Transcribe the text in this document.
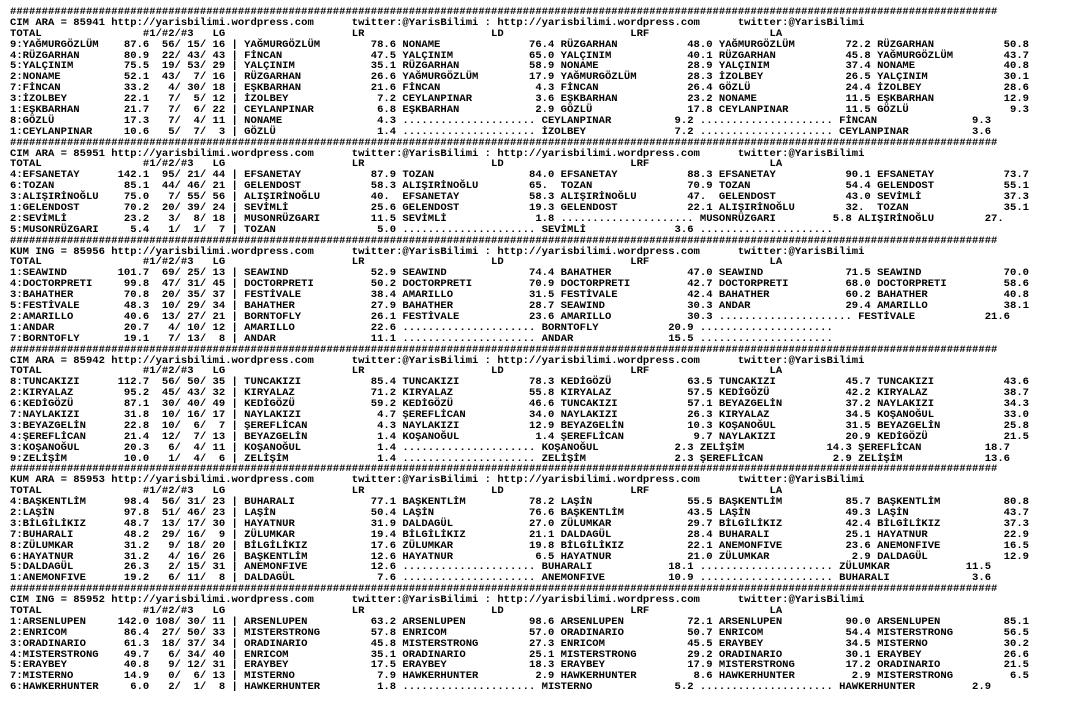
############################################################################################################################################################
CIM ARA = 85941 http://yarisbilimi.wordpress.com      twitter:@YarisBilimi : http://yarisbilimi.wordpress.com      twitter:@YarisBilimi
TOTAL                #1/#2/#3   LG                    LR                    LD                    LRF                   LA
9:YAĞMURGÖZLÜM    87.6  56/ 15/ 16 | YAĞMURGÖZLÜM        78.6 NONAME              76.4 RÜZGARHAN           48.0 YAĞMURGÖZLÜM        72.2 RÜZGARHAN           50.8
4:RÜZGARHAN       80.9  22/ 43/ 43 | FİNCAN              47.5 YALÇINIM            65.0 YALÇINIM            40.1 RÜZGARHAN           45.8 YAĞMURGÖZLÜM        43.7
5:YALÇINIM        75.5  19/ 53/ 29 | YALÇINIM            35.1 RÜZGARHAN           58.9 NONAME              28.9 YALÇINIM            37.4 NONAME              40.8
2:NONAME          52.1  43/  7/ 16 | RÜZGARHAN           26.6 YAĞMURGÖZLÜM        17.9 YAĞMURGÖZLÜM        28.3 İZOLBEY             26.5 YALÇINIM            30.1
7:FİNCAN          33.2   4/ 30/ 18 | EŞKBARHAN           21.6 FİNCAN               4.3 FİNCAN              26.4 GÖZLÜ               24.4 İZOLBEY             28.6
3:İZOLBEY         22.1   7/  5/ 12 | İZOLBEY              7.2 CEYLANPINAR          3.6 EŞKBARHAN           23.2 NONAME              11.5 EŞKBARHAN           12.9
1:EŞKBARHAN       21.7   7/  6/ 22 | CEYLANPINAR          6.8 EŞKBARHAN            2.9 GÖZLÜ               17.8 CEYLANPINAR         11.5 GÖZLÜ                9.3
8:GÖZLÜ           17.3   7/  4/ 11 | NONAME               4.3 ..................... CEYLANPINAR          9.2 ..................... FİNCAN               9.3
1:CEYLANPINAR     10.6   5/  7/  3 | GÖZLÜ                1.4 ..................... İZOLBEY              7.2 ..................... CEYLANPINAR          3.6
############################################################################################################################################################
CIM ARA = 85951 http://yarisbilimi.wordpress.com      twitter:@YarisBilimi : http://yarisbilimi.wordpress.com      twitter:@YarisBilimi
TOTAL                #1/#2/#3   LG                    LR                    LD                    LRF                   LA
4:EFSANETAY      142.1  95/ 21/ 44 | EFSANETAY           87.9 TOZAN               84.0 EFSANETAY           88.3 EFSANETAY           90.1 EFSANETAY           73.7
6:TOZAN           85.1  44/ 46/ 21 | GELENDOST           58.3 ALIŞIRİNOĞLU        65.  TOZAN               70.9 TOZAN               54.4 GELENDOST           55.1
3:ALIŞIRİNOĞLU    75.0   7/ 55/ 56 | ALIŞIRİNOĞLU        40.  EFSANETAY           58.3 ALIŞIRİNOĞLU        47.  GELENDOST           43.0 SEVİMLİ             37.3
1:GELENDOST       70.2  20/ 39/ 24 | SEVİMLİ             25.6 GELENDOST           19.3 GELENDOST           22.1 ALIŞIRİNOĞLU        32.  TOZAN               35.1
2:SEVİMLİ         23.2   3/  8/ 18 | MUSONRÜZGARI        11.5 SEVİMLİ              1.8 ..................... MUSONRÜZGARI         5.8 ALIŞIRİNOĞLU        27.
5:MUSONRÜZGARI     5.4   1/  1/  7 | TOZAN                5.0 ..................... SEVİMLİ              3.6 .....................
############################################################################################################################################################
KUM ING = 85956 http://yarisbilimi.wordpress.com      twitter:@YarisBilimi : http://yarisbilimi.wordpress.com      twitter:@YarisBilimi
TOTAL                #1/#2/#3   LG                    LR                    LD                    LRF                   LA
1:SEAWIND        101.7  69/ 25/ 13 | SEAWIND             52.9 SEAWIND             74.4 BAHATHER            47.0 SEAWIND             71.5 SEAWIND             70.0
4:DOCTORPRETI     99.8  47/ 31/ 45 | DOCTORPRETI         50.2 DOCTORPRETI         70.9 DOCTORPRETI         42.7 DOCTORPRETI         68.0 DOCTORPRETI         58.6
3:BAHATHER        70.8  20/ 35/ 37 | FESTİVALE           38.4 AMARILLO            31.5 FESTİVALE           42.4 BAHATHER            60.2 BAHATHER            40.8
5:FESTİVALE       48.3  10/ 29/ 34 | BAHATHER            27.9 BAHATHER            28.7 SEAWIND             30.3 ANDAR               29.4 AMARILLO            38.1
2:AMARILLO        40.6  13/ 27/ 21 | BORNTOFLY           26.1 FESTİVALE           23.6 AMARILLO            30.3 ..................... FESTİVALE           21.6
1:ANDAR           20.7   4/ 10/ 12 | AMARILLO            22.6 ..................... BORNTOFLY           20.9 .....................
7:BORNTOFLY       19.1   7/ 13/  8 | ANDAR               11.1 ..................... ANDAR               15.5 .....................
############################################################################################################################################################
CIM ARA = 85942 http://yarisbilimi.wordpress.com      twitter:@YarisBilimi : http://yarisbilimi.wordpress.com      twitter:@YarisBilimi
TOTAL                #1/#2/#3   LG                    LR                    LD                    LRF                   LA
8:TUNCAKIZI      112.7  56/ 50/ 35 | TUNCAKIZI           85.4 TUNCAKIZI           78.3 KEDİGÖZÜ            63.5 TUNCAKIZI           45.7 TUNCAKIZI           43.6
2:KIRYALAZ        95.2  45/ 43/ 32 | KIRYALAZ            71.2 KIRYALAZ            55.8 KIRYALAZ            57.5 KEDİGÖZÜ            42.2 KIRYALAZ            38.7
6:KEDİGÖZÜ        87.1  30/ 40/ 49 | KEDİGÖZÜ            59.2 KEDİGÖZÜ            46.6 TUNCAKIZI           57.1 BEYAZGELİN          37.2 NAYLAKIZI           34.3
7:NAYLAKIZI       31.8  10/ 16/ 17 | NAYLAKIZI            4.7 ŞEREFLİCAN          34.0 NAYLAKIZI           26.3 KIRYALAZ            34.5 KOŞANOĞUL           33.0
3:BEYAZGELİN      22.8  10/  6/  7 | ŞEREFLİCAN           4.3 NAYLAKIZI           12.9 BEYAZGELİN          10.3 KOŞANOĞUL           31.5 BEYAZGELİN          25.8
4:ŞEREFLİCAN      21.4  12/  7/ 13 | BEYAZGELİN           1.4 KOŞANOĞUL            1.4 ŞEREFLİCAN           9.7 NAYLAKIZI           20.9 KEDİGÖZÜ            21.5
3:KOŞANOĞUL       20.3   6/  4/ 11 | KOŞANOĞUL            1.4 ..................... KOŞANOĞUL            2.3 ZELİŞİM             14.3 ŞEREFLİCAN          18.7
9:ZELİŞİM         10.0   1/  4/  6 | ZELİŞİM              1.4 ..................... ZELİŞİM              2.3 ŞEREFLİCAN           2.9 ZELİŞİM             13.6
############################################################################################################################################################
KUM ARA = 85953 http://yarisbilimi.wordpress.com      twitter:@YarisBilimi : http://yarisbilimi.wordpress.com      twitter:@YarisBilimi
TOTAL                #1/#2/#3   LG                    LR                    LD                    LRF                   LA
4:BAŞKENTLİM      98.4  56/ 31/ 23 | BUHARALI            77.1 BAŞKENTLİM          78.2 LAŞİN               55.5 BAŞKENTLİM          85.7 BAŞKENTLİM          80.8
2:LAŞİN           97.8  51/ 46/ 23 | LAŞİN               50.4 LAŞİN               76.6 BAŞKENTLİM          43.5 LAŞİN               49.3 LAŞİN               43.7
3:BİLGİLİKIZ      48.7  13/ 17/ 30 | HAYATNUR            31.9 DALDAGÜL            27.0 ZÜLUMKAR            29.7 BİLGİLİKIZ          42.4 BİLGİLİKIZ          37.3
7:BUHARALI        48.2  29/ 16/  9 | ZÜLUMKAR            19.4 BİLGİLİKIZ          21.1 DALDAGÜL            28.4 BUHARALI            25.1 HAYATNUR            22.9
8:ZÜLUMKAR        31.2   9/ 18/ 20 | BİLGİLİKIZ          17.6 ZÜLUMKAR            19.8 BİLGİLİKIZ          22.1 ANEMONFIVE          23.6 ANEMONFIVE          16.5
6:HAYATNUR        31.2   4/ 16/ 26 | BAŞKENTLİM          12.6 HAYATNUR             6.5 HAYATNUR            21.0 ZÜLUMKAR             2.9 DALDAGÜL            12.9
5:DALDAGÜL        26.3   2/ 15/ 31 | ANEMONFIVE          12.6 ..................... BUHARALI            18.1 ..................... ZÜLUMKAR            11.5
1:ANEMONFIVE      19.2   6/ 11/  8 | DALDAGÜL             7.6 ..................... ANEMONFIVE          10.9 ..................... BUHARALI             3.6
############################################################################################################################################################
CIM ING = 85952 http://yarisbilimi.wordpress.com      twitter:@YarisBilimi : http://yarisbilimi.wordpress.com      twitter:@YarisBilimi
TOTAL                #1/#2/#3   LG                    LR                    LD                    LRF                   LA
1:ARSENLUPEN     142.0 108/ 30/ 11 | ARSENLUPEN          63.2 ARSENLUPEN          98.6 ARSENLUPEN          72.1 ARSENLUPEN          90.0 ARSENLUPEN          85.1
2:ENRICOM         86.4  27/ 50/ 33 | MISTERSTRONG        57.8 ENRICOM             57.0 ORADINARIO          50.7 ENRICOM             54.4 MISTERSTRONG        56.5
3:ORADINARIO      61.3  18/ 37/ 34 | ORADINARIO          45.8 MISTERSTRONG        27.3 ENRICOM             45.5 ERAYBEY             34.5 MISTERNO            30.2
4:MISTERSTRONG    49.7   6/ 34/ 40 | ENRICOM             35.1 ORADINARIO          25.1 MISTERSTRONG        29.2 ORADINARIO          30.1 ERAYBEY             26.6
5:ERAYBEY         40.8   9/ 12/ 31 | ERAYBEY             17.5 ERAYBEY             18.3 ERAYBEY             17.9 MISTERSTRONG        17.2 ORADINARIO          21.5
7:MISTERNO        14.9   0/  6/ 13 | MISTERNO             7.9 HAWKERHUNTER         2.9 HAWKERHUNTER         8.6 HAWKERHUNTER         2.9 MISTERSTRONG         6.5
6:HAWKERHUNTER     6.0   2/  1/  8 | HAWKERHUNTER         1.8 ..................... MISTERNO             5.2 ..................... HAWKERHUNTER         2.9
